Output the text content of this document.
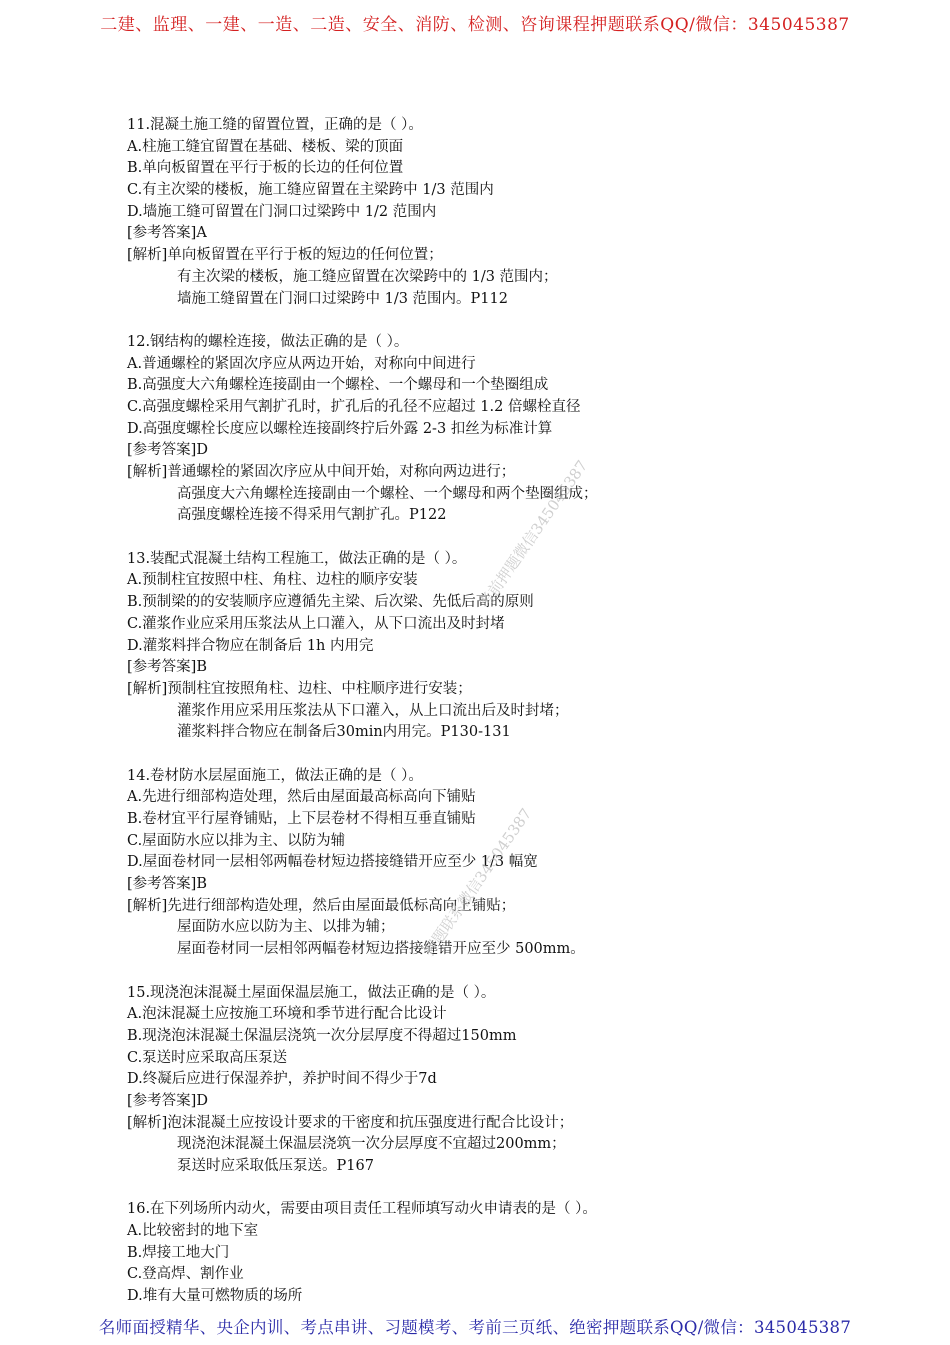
二建、监理、一建、一造、二造、安全、消防、检测、咨询课程押题联系QQ/微信：345045387
11.混凝土施工缝的留置位置，正确的是（ ）。
A.柱施工缝宜留置在基础、楼板、梁的顶面
B.单向板留置在平行于板的长边的任何位置
C.有主次梁的楼板，施工缝应留置在主梁跨中 1/3 范围内
D.墙施工缝可留置在门洞口过梁跨中 1/2 范围内
[参考答案]A
[解析]单向板留置在平行于板的短边的任何位置；
有主次梁的楼板，施工缝应留置在次梁跨中的 1/3 范围内；
墙施工缝留置在门洞口过梁跨中 1/3 范围内。P112
12.钢结构的螺栓连接，做法正确的是（ ）。
A.普通螺栓的紧固次序应从两边开始，对称向中间进行
B.高强度大六角螺栓连接副由一个螺栓、一个螺母和一个垫圈组成
C.高强度螺栓采用气割扩孔时，扩孔后的孔径不应超过 1.2 倍螺栓直径
D.高强度螺栓长度应以螺栓连接副终拧后外露 2-3 扣丝为标准计算
[参考答案]D
[解析]普通螺栓的紧固次序应从中间开始，对称向两边进行；
高强度大六角螺栓连接副由一个螺栓、一个螺母和两个垫圈组成；
高强度螺栓连接不得采用气割扩孔。P122
13.装配式混凝土结构工程施工，做法正确的是（ ）。
A.预制柱宜按照中柱、角柱、边柱的顺序安装
B.预制梁的的安装顺序应遵循先主梁、后次梁、先低后高的原则
C.灌浆作业应采用压浆法从上口灌入，从下口流出及时封堵
D.灌浆料拌合物应在制备后 1h 内用完
[参考答案]B
[解析]预制柱宜按照角柱、边柱、中柱顺序进行安装；
灌浆作用应采用压浆法从下口灌入，从上口流出后及时封堵；
灌浆料拌合物应在制备后30min内用完。P130-131
14.卷材防水层屋面施工，做法正确的是（ ）。
A.先进行细部构造处理，然后由屋面最高标高向下铺贴
B.卷材宜平行屋脊铺贴，上下层卷材不得相互垂直铺贴
C.屋面防水应以排为主、以防为辅
D.屋面卷材同一层相邻两幅卷材短边搭接缝错开应至少 1/3 幅宽
[参考答案]B
[解析]先进行细部构造处理，然后由屋面最低标高向上铺贴；
屋面防水应以防为主、以排为辅；
屋面卷材同一层相邻两幅卷材短边搭接缝错开应至少 500mm。
15.现浇泡沫混凝土屋面保温层施工，做法正确的是（ ）。
A.泡沫混凝土应按施工环境和季节进行配合比设计
B.现浇泡沫混凝土保温层浇筑一次分层厚度不得超过150mm
C.泵送时应采取高压泵送
D.终凝后应进行保湿养护，养护时间不得少于7d
[参考答案]D
[解析]泡沫混凝土应按设计要求的干密度和抗压强度进行配合比设计；
现浇泡沫混凝土保温层浇筑一次分层厚度不宜超过200mm；
泵送时应采取低压泵送。P167
16.在下列场所内动火，需要由项目责任工程师填写动火申请表的是（ ）。
A.比较密封的地下室
B.焊接工地大门
C.登高焊、割作业
D.堆有大量可燃物质的场所
考前押题微信345045387
押题联系微信345045387
名师面授精华、央企内训、考点串讲、习题模考、考前三页纸、绝密押题联系QQ/微信：345045387
